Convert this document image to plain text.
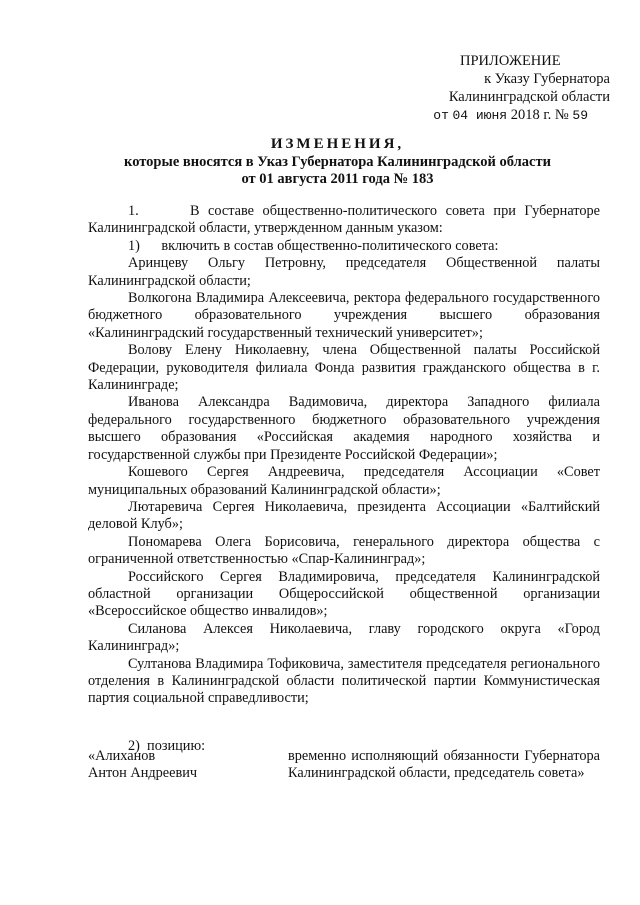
ПРИЛОЖЕНИЕ
к Указу Губернатора
Калининградской области
от 04 июня 2018 г. № 59
ИЗМЕНЕНИЯ,
которые вносятся в Указ Губернатора Калининградской области
от 01 августа 2011 года № 183

1.      В составе общественно-политического совета при Губернаторе Калининградской области, утвержденном данным указом:

1)      включить в состав общественно-политического совета:

Аринцеву Ольгу Петровну, председателя Общественной палаты Калининградской области;

Волкогона Владимира Алексеевича, ректора федерального государственного бюджетного образовательного учреждения высшего образования «Калининградский государственный технический университет»;

Волову Елену Николаевну, члена Общественной палаты Российской Федерации, руководителя филиала Фонда развития гражданского общества в г. Калининграде;

Иванова Александра Вадимовича, директора Западного филиала федерального государственного бюджетного образовательного учреждения высшего образования «Российская академия народного хозяйства и государственной службы при Президенте Российской Федерации»;

Кошевого Сергея Андреевича, председателя Ассоциации «Совет муниципальных образований Калининградской области»;

Лютаревича Сергея Николаевича, президента Ассоциации «Балтийский деловой Клуб»;

Пономарева Олега Борисовича, генерального директора общества с ограниченной ответственностью «Спар-Калининград»;

Российского Сергея Владимировича, председателя Калининградской областной организации Общероссийской общественной организации «Всероссийское общество инвалидов»;

Силанова Алексея Николаевича, главу городского округа «Город Калининград»;

Султанова Владимира Тофиковича, заместителя председателя регионального отделения в Калининградской области политической партии Коммунистическая партия социальной справедливости;

2)  позицию:

«Алиханов
Антон Андреевич
временно исполняющий обязанности Губернатора Калининградской области, председатель совета»
